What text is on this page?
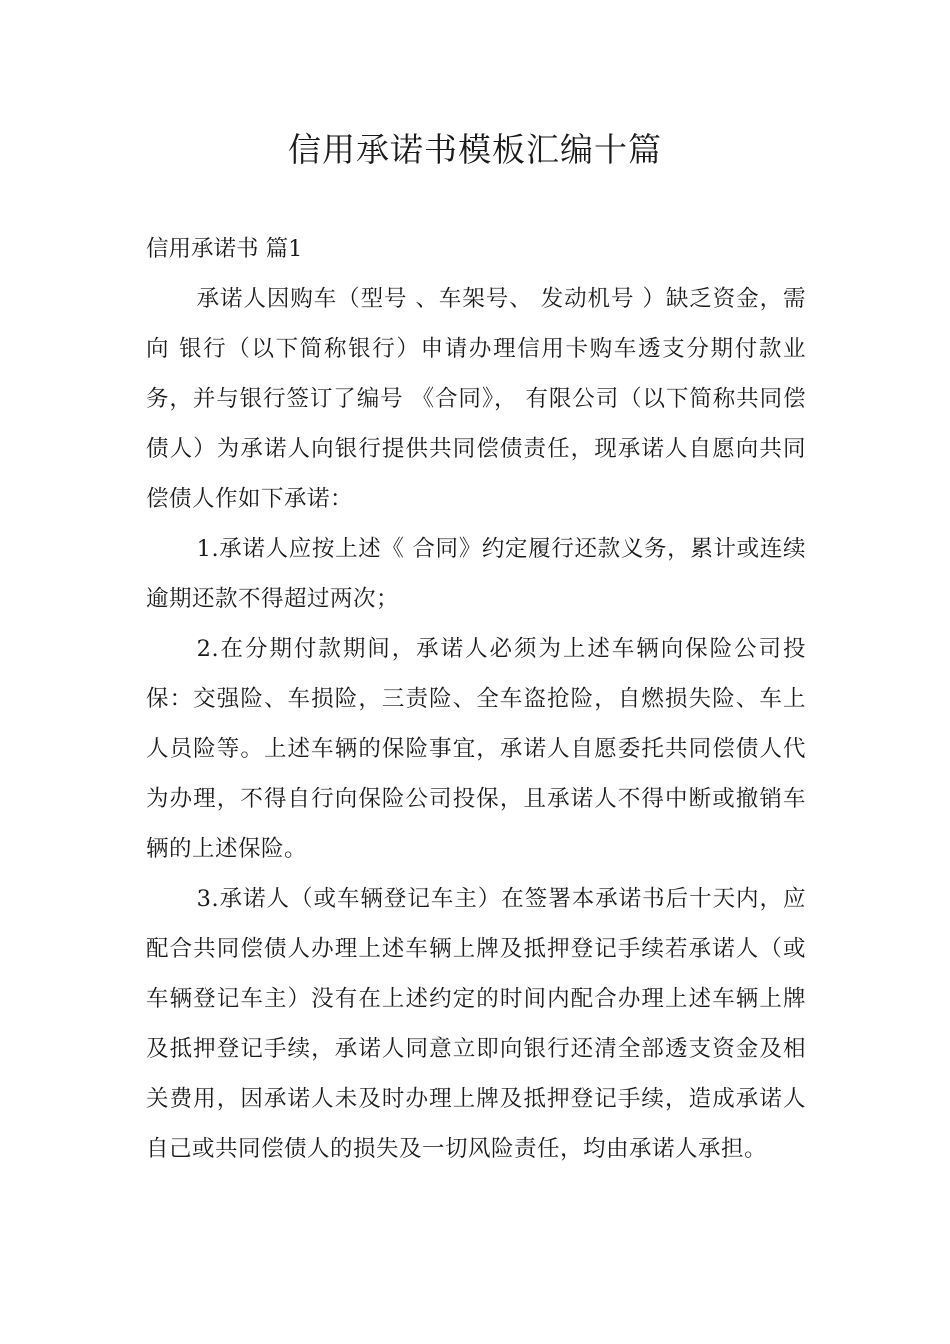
信用承诺书模板汇编十篇
信用承诺书 篇1

承诺人因购车（型号 、车架号、 发动机号 ）缺乏资金，需向 银行（以下简称银行）申请办理信用卡购车透支分期付款业务，并与银行签订了编号 《合同》， 有限公司（以下简称共同偿债人）为承诺人向银行提供共同偿债责任，现承诺人自愿向共同偿债人作如下承诺：

1.承诺人应按上述《 合同》约定履行还款义务，累计或连续逾期还款不得超过两次；

2.在分期付款期间，承诺人必须为上述车辆向保险公司投保：交强险、车损险，三责险、全车盗抢险，自燃损失险、车上人员险等。上述车辆的保险事宜，承诺人自愿委托共同偿债人代为办理，不得自行向保险公司投保，且承诺人不得中断或撤销车辆的上述保险。

3.承诺人（或车辆登记车主）在签署本承诺书后十天内，应配合共同偿债人办理上述车辆上牌及抵押登记手续若承诺人（或车辆登记车主）没有在上述约定的时间内配合办理上述车辆上牌及抵押登记手续，承诺人同意立即向银行还清全部透支资金及相关费用，因承诺人未及时办理上牌及抵押登记手续，造成承诺人自己或共同偿债人的损失及一切风险责任，均由承诺人承担。
